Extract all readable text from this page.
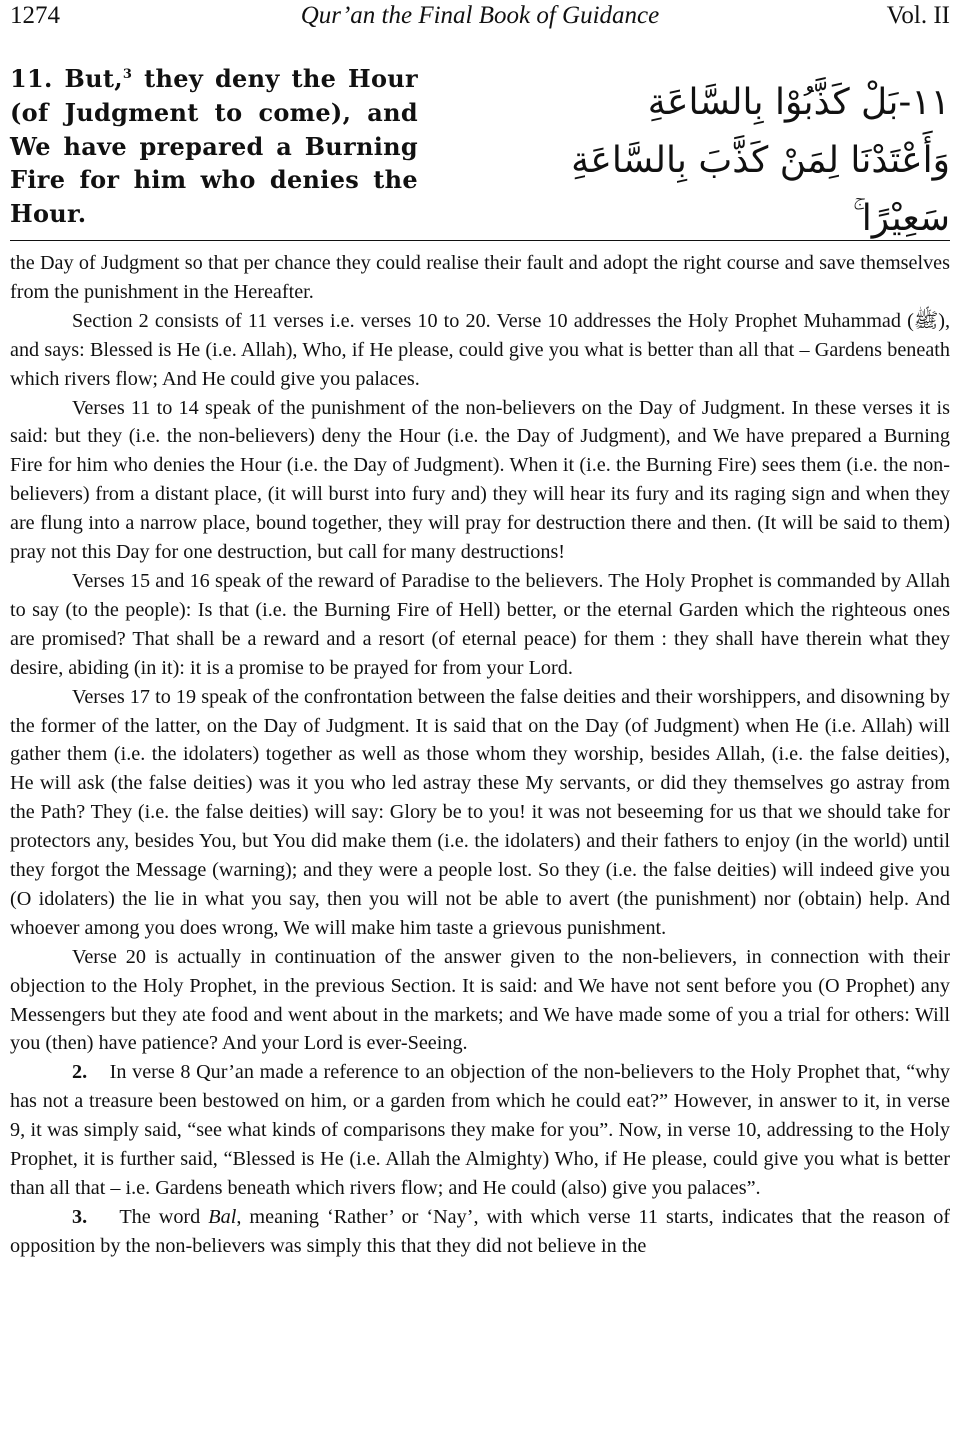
1274	Qur’an the Final Book of Guidance	Vol. II
11. But,$^3$ they deny the Hour (of Judgment to come), and We have prepared a Burning Fire for him who denies the Hour.
١١-بَلْ كَذَّبُوْا بِالسَّاعَةِ
وَأَعْتَدْنَا لِمَنْ كَذَّبَ بِالسَّاعَةِ سَعِيْرًا ۚ

the Day of Judgment so that per chance they could realise their fault and adopt the right course and save themselves from the punishment in the Hereafter.

Section 2 consists of 11 verses i.e. verses 10 to 20. Verse 10 addresses the Holy Prophet Muhammad (ﷺ), and says: Blessed is He (i.e. Allah), Who, if He please, could give you what is better than all that – Gardens beneath which rivers flow; And He could give you palaces.

Verses 11 to 14 speak of the punishment of the non-believers on the Day of Judgment. In these verses it is said: but they (i.e. the non-believers) deny the Hour (i.e. the Day of Judgment), and We have prepared a Burning Fire for him who denies the Hour (i.e. the Day of Judgment). When it (i.e. the Burning Fire) sees them (i.e. the non-believers) from a distant place, (it will burst into fury and) they will hear its fury and its raging sign and when they are flung into a narrow place, bound together, they will pray for destruction there and then. (It will be said to them) pray not this Day for one destruction, but call for many destructions!

Verses 15 and 16 speak of the reward of Paradise to the believers. The Holy Prophet is commanded by Allah to say (to the people): Is that (i.e. the Burning Fire of Hell) better, or the eternal Garden which the righteous ones are promised? That shall be a reward and a resort (of eternal peace) for them : they shall have therein what they desire, abiding (in it): it is a promise to be prayed for from your Lord.

Verses 17 to 19 speak of the confrontation between the false deities and their worshippers, and disowning by the former of the latter, on the Day of Judgment. It is said that on the Day (of Judgment) when He (i.e. Allah) will gather them (i.e. the idolaters) together as well as those whom they worship, besides Allah, (i.e. the false deities), He will ask (the false deities) was it you who led astray these My servants, or did they themselves go astray from the Path? They (i.e. the false deities) will say: Glory be to you! it was not beseeming for us that we should take for protectors any, besides You, but You did make them (i.e. the idolaters) and their fathers to enjoy (in the world) until they forgot the Message (warning); and they were a people lost. So they (i.e. the false deities) will indeed give you (O idolaters) the lie in what you say, then you will not be able to avert (the punishment) nor (obtain) help. And whoever among you does wrong, We will make him taste a grievous punishment.

Verse 20 is actually in continuation of the answer given to the non-believers, in connection with their objection to the Holy Prophet, in the previous Section. It is said: and We have not sent before you (O Prophet) any Messengers but they ate food and went about in the markets; and We have made some of you a trial for others: Will you (then) have patience? And your Lord is ever-Seeing.

2. In verse 8 Qur’an made a reference to an objection of the non-believers to the Holy Prophet that, “why has not a treasure been bestowed on him, or a garden from which he could eat?” However, in answer to it, in verse 9, it was simply said, “see what kinds of comparisons they make for you”. Now, in verse 10, addressing to the Holy Prophet, it is further said, “Blessed is He (i.e. Allah the Almighty) Who, if He please, could give you what is better than all that – i.e. Gardens beneath which rivers flow; and He could (also) give you palaces”.

3. The word Bal, meaning ‘Rather’ or ‘Nay’, with which verse 11 starts, indicates that the reason of opposition by the non-believers was simply this that they did not believe in the
